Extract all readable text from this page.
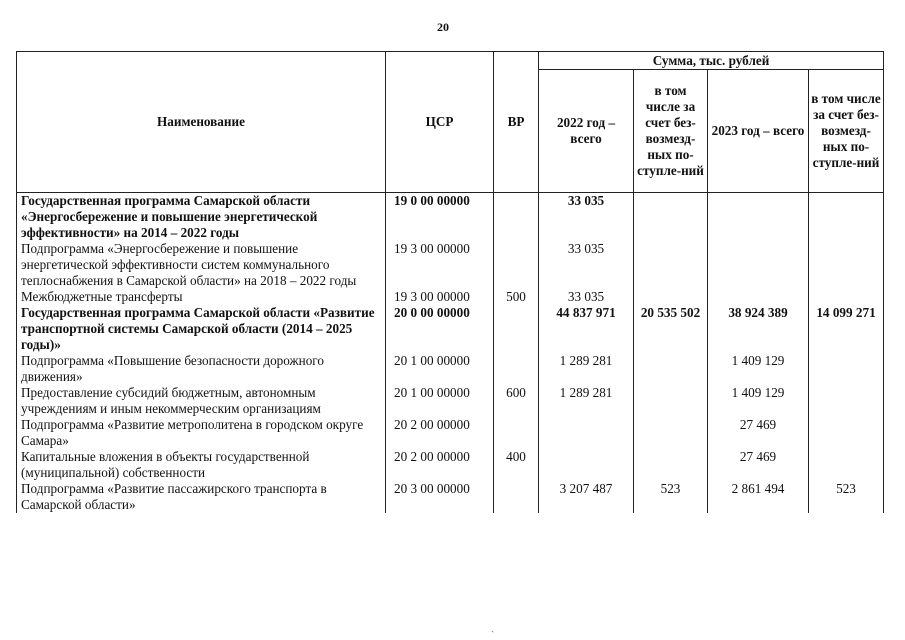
20
Наименование	ЦСР	ВР	Сумма, тыс. рублей			
			2022 год – всего	в том числе за счет без-возмезд-ных по-ступле-ний	2023 год – всего	в том числе за счет без-возмезд-ных по-ступле-ний
Государственная программа Самарской области «Энергосбережение и повышение энергетической эффективности» на 2014 – 2022 годы	19 0 00 00000		33 035			
Подпрограмма «Энергосбережение и повышение энергетической эффективности систем коммунального теплоснабжения в Самарской области» на 2018 – 2022 годы	19 3 00 00000		33 035			
Межбюджетные трансферты	19 3 00 00000	500	33 035			
Государственная программа Самарской области «Развитие транспортной системы Самарской области (2014 – 2025 годы)»	20 0 00 00000		44 837 971	20 535 502	38 924 389	14 099 271
Подпрограмма «Повышение безопасности дорожного движения»	20 1 00 00000		1 289 281		1 409 129	
Предоставление субсидий бюджетным, автономным учреждениям и иным некоммерческим организациям	20 1 00 00000	600	1 289 281		1 409 129	
Подпрограмма «Развитие метрополитена в городском округе Самара»	20 2 00 00000				27 469	
Капитальные вложения в объекты государственной (муниципальной) собственности	20 2 00 00000	400			27 469	
Подпрограмма «Развитие пассажирского транспорта в Самарской области»	20 3 00 00000		3 207 487	523	2 861 494	523
ˎ
